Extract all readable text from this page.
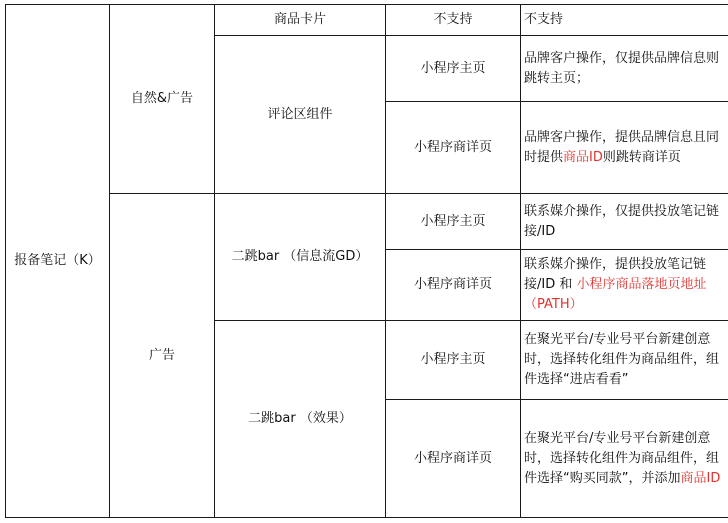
报备笔记（K）	自然&广告	商品卡片	不支持	不支持
		评论区组件	小程序主页	品牌客户操作，仅提供品牌信息则跳转主页；
			小程序商详页	品牌客户操作，提供品牌信息且同时提供商品ID则跳转商详页
	广告	二跳bar （信息流GD）	小程序主页	联系媒介操作，仅提供投放笔记链接/ID
			小程序商详页	联系媒介操作，提供投放笔记链接/ID 和 小程序商品落地页地址（PATH）
		二跳bar （效果）	小程序主页	在聚光平台/专业号平台新建创意时，选择转化组件为商品组件，组件选择“进店看看”
			小程序商详页	在聚光平台/专业号平台新建创意时，选择转化组件为商品组件，组件选择“购买同款”，并添加商品ID
